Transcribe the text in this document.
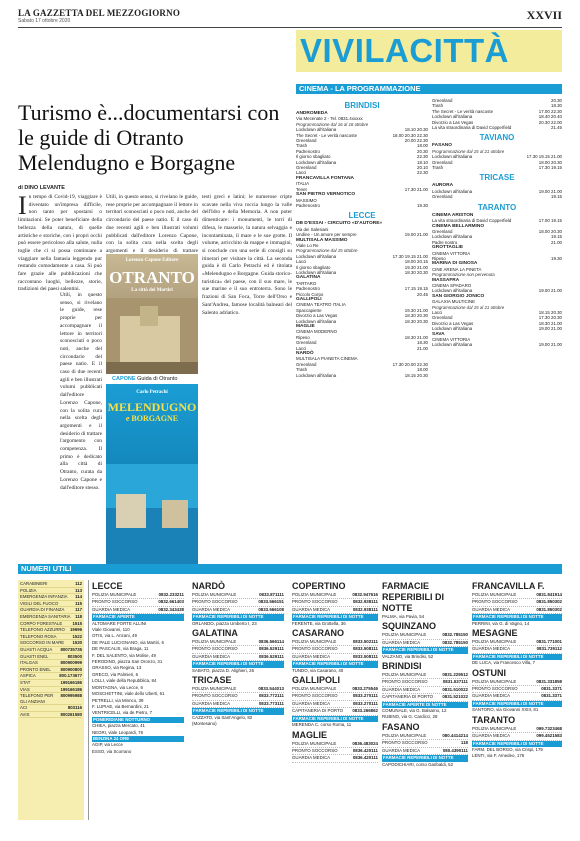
LA GAZZETTA DEL MEZZOGIORNO
Sabato 17 ottobre 2020	XXVII
VIVILACITTÀ
Turismo è...documentarsi con le guide di Otranto Melendugno e Borgagne
di DINO LEVANTE
In tempo di Covid-19, viaggiare è diventato un'impresa difficile, non tanto per spostarsi o limitazioni. Se poter beneficiare della bellezza della natura, di quelle artistiche e storiche, con i propri occhi può essere pericoloso alla salute, nulla toglie che ci si possa continuare a viaggiare nella fantasia leggendo pur restando comodamente a casa. Si può fare grazie alle pubblicazioni che raccontano luoghi, bellezze, storie, tradizioni dei paesi salentini.
Utili, in questo senso, si rivelano le guide, rese proprie per accompagnare il lettore in territori sconosciuti o poco noti, anche del circondario del paese natio. E il caso di due recenti agili e ben illustrati volumi pubblicati dall'editore Lorenzo Capone, con la solita cura nella scelta degli argomenti e il desiderio di trattare l'argomento con competenza. Il primo è dedicato alla città di Otranto, curata da Lorenzo Capone e dall'editore stesso.
Utili, in questo senso, si rivelano le guide, rese proprie per accompagnare il lettore in territori sconosciuti o poco noti, anche del circondario del paese natio. E il caso di due recenti agili e ben illustrati volumi pubblicati dall'editore Lorenzo Capone, con la solita cura nella scelta degli argomenti e il desiderio di trattare
testi greci e latini; le numerose cripte scavate nella viva roccia lungo la valle dell'Idro e della Memoria. A non poter dimenticare: i monumenti, le torri di difesa, le masserie, la natura selvaggia e incontaminata, il mare e le sue grotte. Il volume, arricchito da mappe e immagini, si conclude con una serie di consigli su itinerari per visitare la città. La seconda guida è di Carlo Petrachi ed è titolata «Melendugno e Borgagne. Guida storico-turistica» del paese, con il suo mare, le sue marine e il suo entroterra. Sono le frazioni di San Foca, Torre dell'Orso e Sant'Andrea, famose località balneari del Salento adriatico.
Lorenzo Capone Editore
OTRANTO
La città dei Martiri
CAPONE Guida di Otranto
Carlo Petrachi
MELENDUGNO
e BORGAGNE
CINEMA - LA PROGRAMMAZIONE
BRINDISI
ANDROMEDA
Via Mecenate 2 - Tel. 0831.4xxxxx
Programmazione dal 16 al 18 ottobre
Lockdown all'italiana	18.10 20.30
The Secret - Le verità nascoste	18.00 20.30 22.30
Greenland	20.00 22.30
Trash	18.00
Padrenostro	20.30
Il giorno sbagliato	22.30
Lockdown all'italiana	18.10
Greenland	20.10
Lacci	22.30
FRANCAVILLA FONTANA
ITALIA
Tenet	17.30 21.00
SAN PIETRO VERNOTICO
MASSIMO
Padrenostro	19.30
LECCE
DB D'ESSAI - CIRCUITO «D'AUTORE»
Via dei Salesiani
Undine - Un amore per sempre	19.00 21.00
MULTISALA MASSIMO
Viale Lo Re
Programmazione dal 15 ottobre
Lockdown all'italiana	17.30 19.15 21.00
Lacci	18.00 20.15
Il giorno sbagliato	19.30 21.00
Lockdown all'italiana	18.30 20.30
GALATINA
TARTARO
Padrenostro	17.15 19.15
Piccolo Corpo	20.45
GALLIPOLI
CINEMA TEATRO ITALIA
Spaccapietre	19.30 21.00
Divorzio a Las Vegas	18.30 20.30
Lockdown all'italiana	18.30 20.30
MAGLIE
CINEMA MODERNO
Ripeso	18.30 21.00
Greenland	18.30
Lacci	21.00
NARDÒ
MULTISALA PIANETA CINEMA
Greenland	17.30 20.00 22.30
Trash	18.00
Lockdown all'italiana	18.15 20.30
Greenland	20.30
Trash	18.30
The Secret - Le verità nascoste	17.00 22.30
Lockdown all'italiana	18.40 20.40
Divorzio a Las Vegas	20.30 22.00
La vita straordinaria di David Copperfield	21.45
TAVIANO
FASANO
Programmazione dal 15 al 21 ottobre
Lockdown all'italiana	17.30 19.15 21.00
Greenland	18.00 20.30
Trash	17.30 19.15
TRICASE
AURORA
Lockdown all'italiana	19.00 21.00
Greenland	19.15
TARANTO
CINEMA ARISTON
La vita straordinaria di David Copperfield	17.00 19.15
CINEMA BELLARMINO
Greenland	18.00 20.30
Lockdown all'italiana	19.15
Padre nostro	21.00
GROTTAGLIE
CINEMA VITTORIA
Ripeso	19.30
MARINA DI GINOSA
CINE ARENA LA PINETA
Programmazione non pervenuta
MASSAFRA
CINEMA SPADARO
Lockdown all'italiana	19.00 21.00
SAN GIORGIO JONICO
GALAXIA MULTICINE
Programmazione dal 15 al 21 ottobre
Lacci	18.15 20.30
Greenland	17.30 20.30
Divorzio a Las Vegas	18.30 21.00
Lockdown all'italiana	19.00 21.00
SAVA
CINEMA VITTORIA
Lockdown all'italiana	19.00 21.00
NUMERI UTILI
CARABINIERI	112
POLIZIA	113
EMERGENZA INFANZIA 114
VIGILI DEL FUOCO	115
GUARDIA DI FINANZA 117
EMERGENZA SANITARIA 118
CORPO FORESTALE 1515
TELEFONO AZZURRO 19696
TELEFONO ROSA	1522
SOCCORSO IN MARE 1530
GUASTI ACQUA 800735735
GUASTI ENEL	803500
ITALGAS	800900999
PRONTO ENEL 800900800
ASPICA	800.173677
STAT	199166186
VIAS	199166186
TELEFONO PER GLI ANZIANI
800995988
ACI	803116
AVIS	800261580
LECCE
POLIZIA MUNICIPALE	0832.233211
PRONTO SOCCORSO	0832.661403
GUARDIA MEDICA	0832.343438
FARMACIE APERTE
ALTOMARE FORTE ALLINI
Viale Giovanni, 110
OTIS, via L. Anzani, 49
DE PALE LUCIGNANO, via Martiri, 6
DE PASCALIS, via Braga, 11
F. DEL SALENTO, via Molise, 49
FERODINO, piazza San Oronzo, 31
GRASSO, via Regina, 13
GRECO, via Palmieri, 6
LOLLI, viale della Repubblica, 84
MONTAGNA, via Lecce, 6
MOSCHETTINI, viale dello Uberti, 61
PETRELLI, via Minnco, 39
F. LUPIAE, via Bernardini, 21
VENTRICELLI, via de Pietro, 7
POMERIDIANE NOTTURNO
CHIEA, piazza Mercato, 41
NEGRI, viale Leopardi, 76
BENZINA 24 ORE
AGIP, via Lecce
ESSO, via Scorrano
NARDÒ
POLIZIA MUNICIPALE	0833.871111
PRONTO SOCCORSO	0833.566151
GUARDIA MEDICA	0833.566108
FARMACIE REPERIBILI DI NOTTE
ORLANDO, piazza Umberto I, 23
GALATINA
POLIZIA MUNICIPALE	0836.566114
PRONTO SOCCORSO	0836.529111
GUARDIA MEDICA	0836.529111
FARMACIE REPERIBILI DI NOTTE
SABATO, piazza D. Alighieri, 26
TRICASE
POLIZIA MUNICIPALE	0833.544013
PRONTO SOCCORSO	0833.772111
GUARDIA MEDICA	0833.773111
FARMACIE REPERIBILI DI NOTTE
CAZZATO, via Sant'Angelo, 82
(Montesano)
COPERTINO
POLIZIA MUNICIPALE	0832.947616
PRONTO SOCCORSO	0832.938111
GUARDIA MEDICA	0832.938111
FARMACIE REPERIBILI DI NOTTE
FERENTE, via Grottella, 36
CASARANO
POLIZIA MUNICIPALE	0833.502111
PRONTO SOCCORSO	0833.508111
GUARDIA MEDICA	0833.508111
FARMACIE REPERIBILI DI NOTTE
TUNDO, via Casarano, 40
GALLIPOLI
POLIZIA MUNICIPALE	0833.275546
PRONTO SOCCORSO	0833.270111
GUARDIA MEDICA	0833.270111
CAPITANERIA DI PORTO 0833.266862
FARMACIE REPERIBILI DI NOTTE
MERENDA C. corso Roma, 11
MAGLIE
POLIZIA MUNICIPALE	0836.483024
PRONTO SOCCORSO	0836.420111
GUARDIA MEDICA	0836.420111
FARMACIE REPERIBILI DI NOTTE
PALMA, via Pavia, 54
SQUINZANO
POLIZIA MUNICIPALE	0832.785150
GUARDIA MEDICA	0832.785150
FARMACIE REPERIBILI DI NOTTE
VALZANO, via Brindisi, 52
BRINDISI
POLIZIA MUNICIPALE	0831.229512
PRONTO SOCCORSO	0831.537111
GUARDIA MEDICA	0831.510022
CAPITANERIA DI PORTO 0831.521022
FARMACIE APERTE DI NOTTE
COMUNALE, via G. Balsamo, 12
RUBINO, via G. Cardicci, 28
FASANO
POLIZIA MUNICIPALE	080.4414214
PRONTO SOCCORSO	118
GUARDIA MEDICA	080.4390111
FARMACIE REPERIBILI DI NOTTE
CAPODICHIARI, corso Garibaldi, 52
FRANCAVILLA F.
POLIZIA MUNICIPALE	0831.841914
PRONTO SOCCORSO	0831.850302
GUARDIA MEDICA	0831.850302
FARMACIE REPERIBILI DI NOTTE
PERRINI, via G. di Vagno, 14
MESAGNE
POLIZIA MUNICIPALE	0831.771001
GUARDIA MEDICA	0831.739112
FARMACIE REPERIBILI DI NOTTE
DE LUCA, via Francesco Villa, 7
OSTUNI
POLIZIA MUNICIPALE	0831.331858
PRONTO SOCCORSO	0831.3371
GUARDIA MEDICA	0831.3371
FARMACIE REPERIBILI DI NOTTE
SANTORO, via Giovanni XXIII, 81
TARANTO
POLIZIA MUNICIPALE	099.7323468
GUARDIA MEDICA	099.4521583
FARMACIE REPERIBILI DI NOTTE
FARM. DEL BORGO, via Crispi, 179
LENTI, via F. Amedeo, 176
